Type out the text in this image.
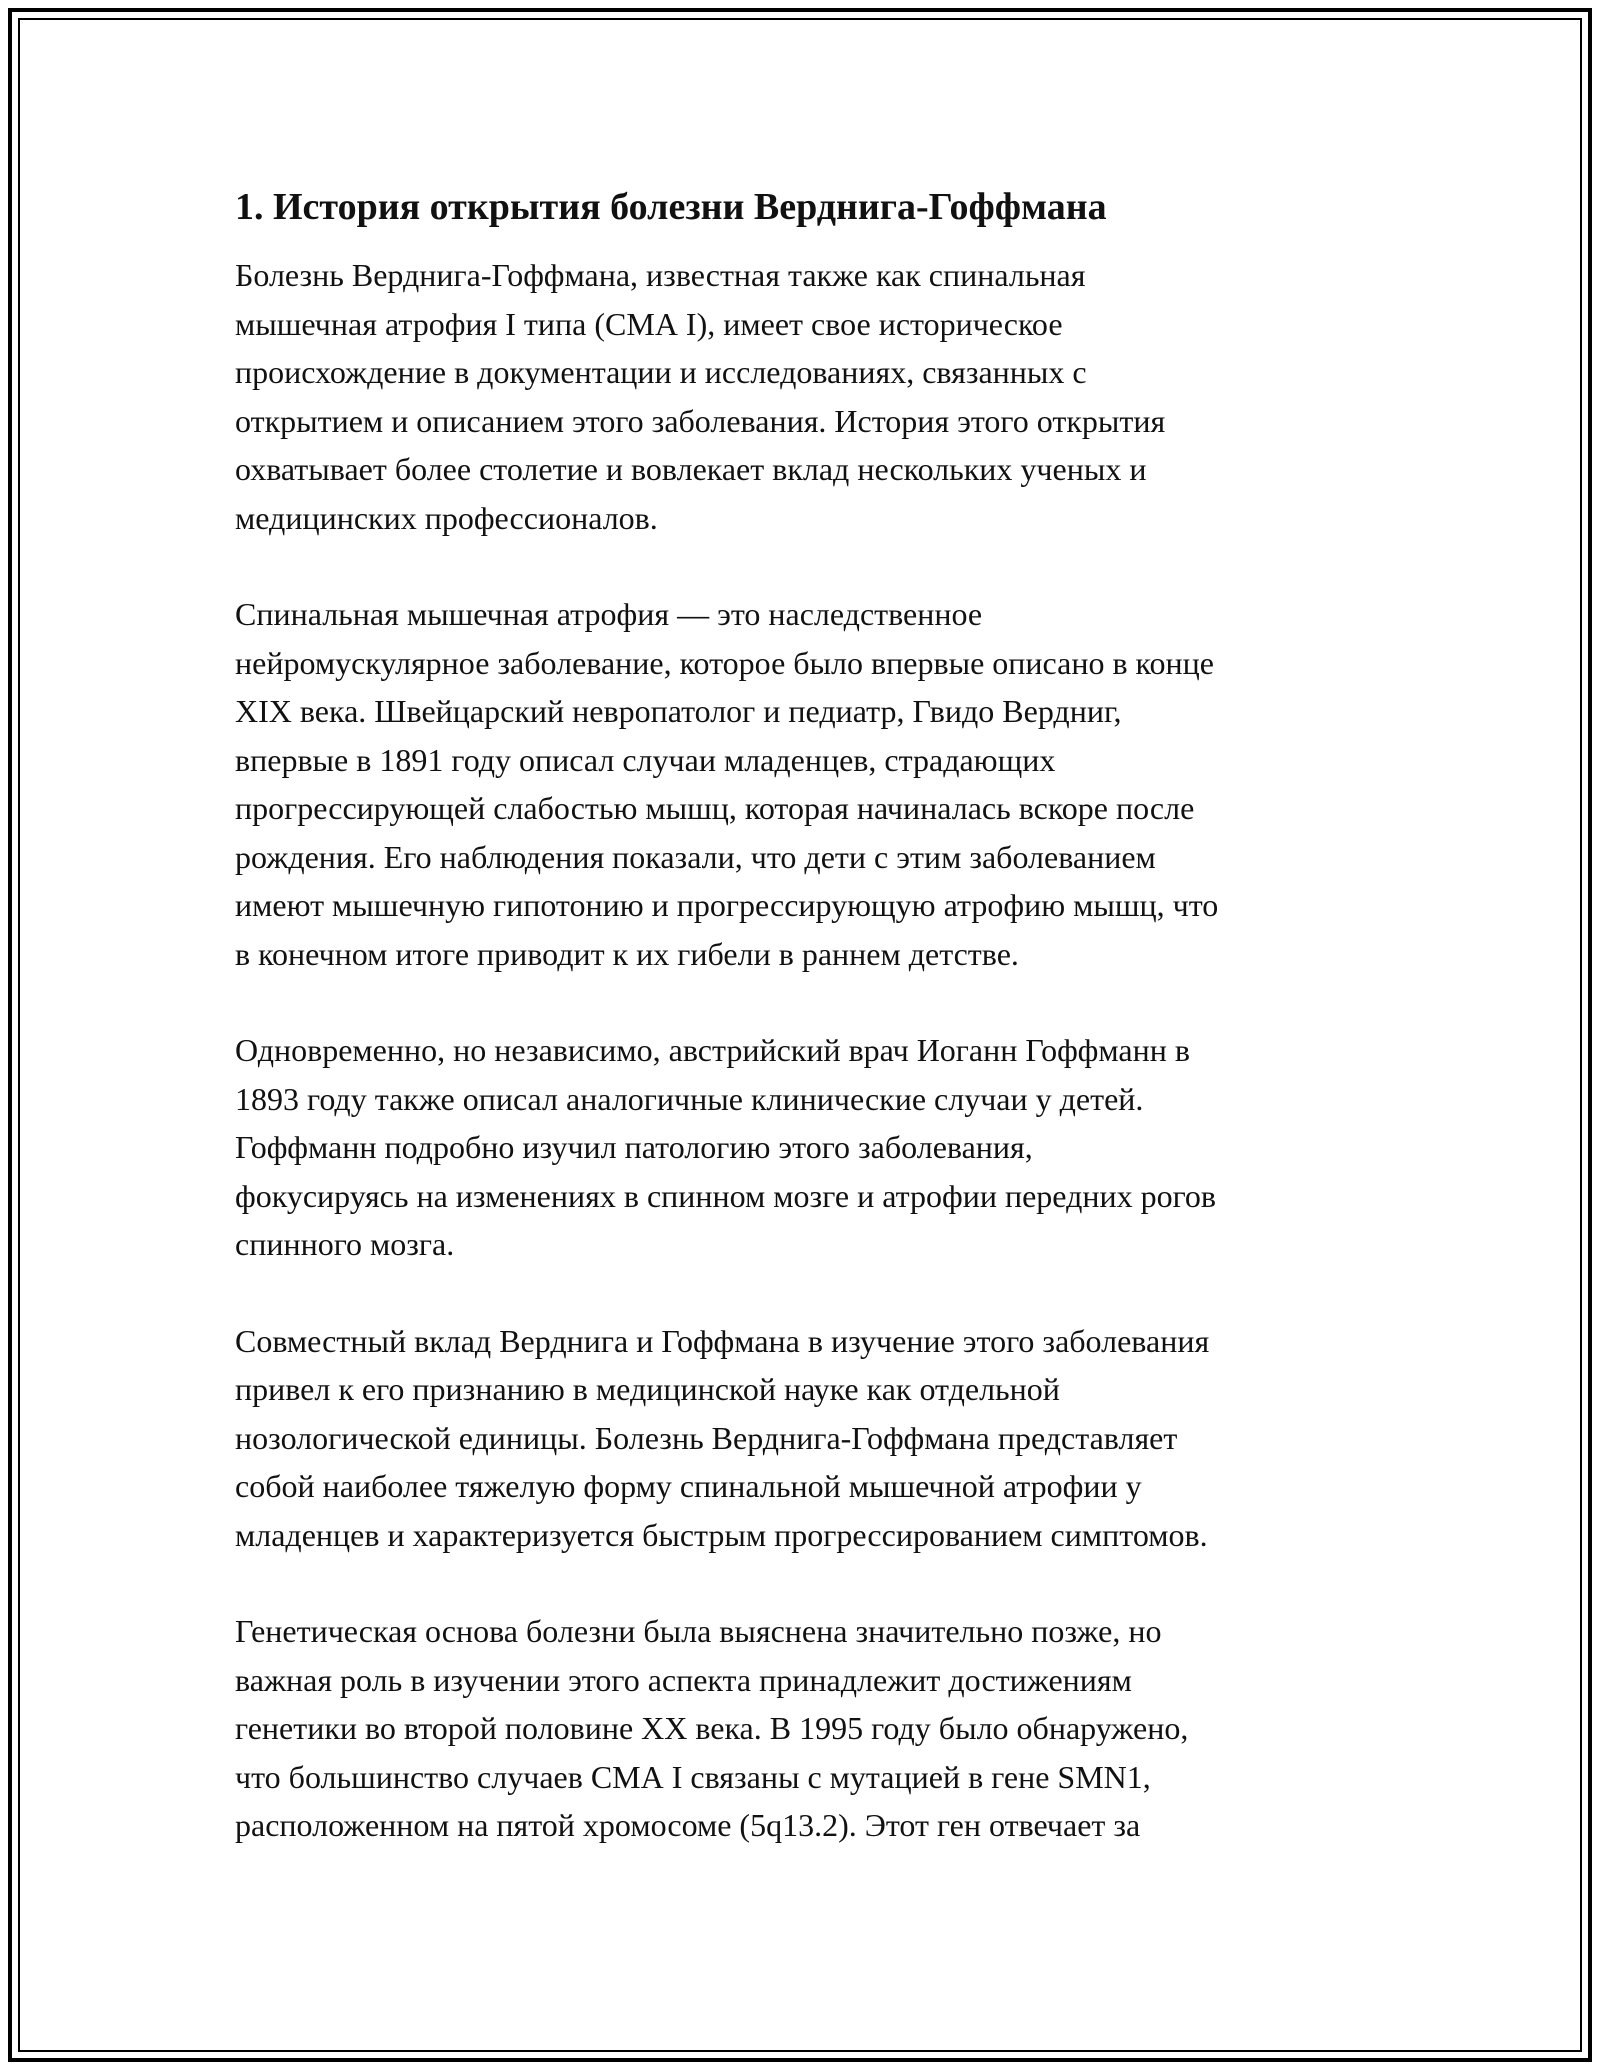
1. История открытия болезни Верднига-Гоффмана

Болезнь Верднига-Гоффмана, известная также как спинальная
мышечная атрофия I типа (СМА I), имеет свое историческое
происхождение в документации и исследованиях, связанных с
открытием и описанием этого заболевания. История этого открытия
охватывает более столетие и вовлекает вклад нескольких ученых и
медицинских профессионалов.

Спинальная мышечная атрофия — это наследственное
нейромускулярное заболевание, которое было впервые описано в конце
XIX века. Швейцарский невропатолог и педиатр, Гвидо Вердниг,
впервые в 1891 году описал случаи младенцев, страдающих
прогрессирующей слабостью мышц, которая начиналась вскоре после
рождения. Его наблюдения показали, что дети с этим заболеванием
имеют мышечную гипотонию и прогрессирующую атрофию мышц, что
в конечном итоге приводит к их гибели в раннем детстве.

Одновременно, но независимо, австрийский врач Иоганн Гоффманн в
1893 году также описал аналогичные клинические случаи у детей.
Гоффманн подробно изучил патологию этого заболевания,
фокусируясь на изменениях в спинном мозге и атрофии передних рогов
спинного мозга.

Совместный вклад Верднига и Гоффмана в изучение этого заболевания
привел к его признанию в медицинской науке как отдельной
нозологической единицы. Болезнь Верднига-Гоффмана представляет
собой наиболее тяжелую форму спинальной мышечной атрофии у
младенцев и характеризуется быстрым прогрессированием симптомов.

Генетическая основа болезни была выяснена значительно позже, но
важная роль в изучении этого аспекта принадлежит достижениям
генетики во второй половине XX века. В 1995 году было обнаружено,
что большинство случаев СМА I связаны с мутацией в гене SMN1,
расположенном на пятой хромосоме (5q13.2). Этот ген отвечает за
